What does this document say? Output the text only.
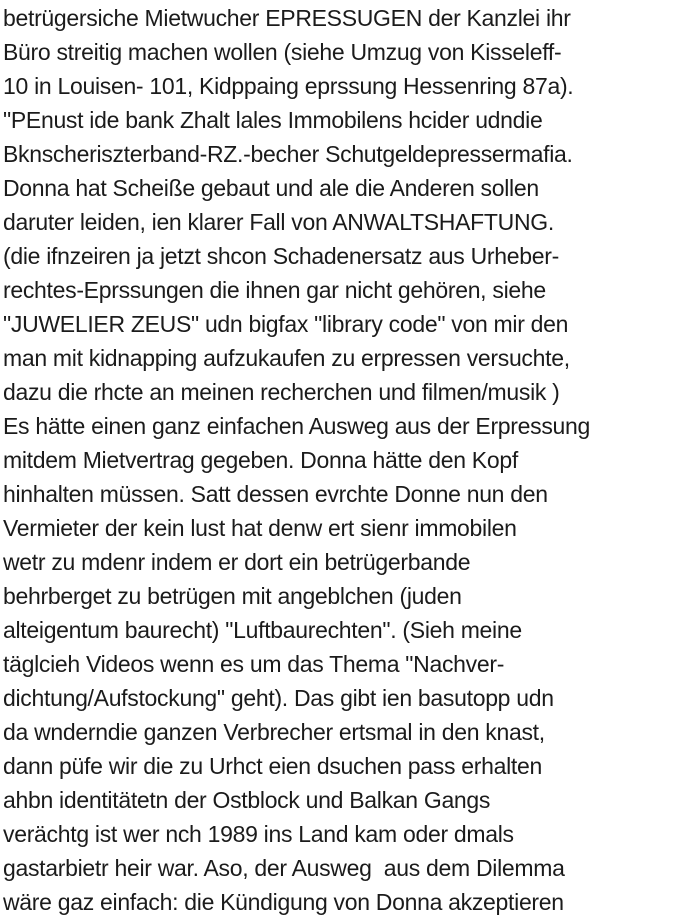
betrügersiche Mietwucher EPRESSUGEN der Kanzlei ihr
Büro streitig machen wollen (siehe Umzug von Kisseleff-
10 in Louisen- 101, Kidppaing eprssung Hessenring 87a).
"PEnust ide bank Zhalt lales Immobilens hcider udndie
Bknscheriszterband-RZ.-becher Schutgeldepressermafia.
Donna hat Scheiße gebaut und ale die Anderen sollen
daruter leiden, ien klarer Fall von ANWALTSHAFTUNG.
(die ifnzeiren ja jetzt shcon Schadenersatz aus Urheber-
rechtes-Eprssungen die ihnen gar nicht gehören, siehe
"JUWELIER ZEUS" udn bigfax "library code" von mir den
man mit kidnapping aufzukaufen zu erpressen versuchte,
dazu die rhcte an meinen recherchen und filmen/musik )
Es hätte einen ganz einfachen Ausweg aus der Erpressung
mitdem Mietvertrag gegeben. Donna hätte den Kopf
hinhalten müssen. Satt dessen evrchte Donne nun den
Vermieter der kein lust hat denw ert sienr immobilen
wetr zu mdenr indem er dort ein betrügerbande
behrberget zu betrügen mit angeblchen (juden
alteigentum baurecht) "Luftbaurechten". (Sieh meine
täglcieh Videos wenn es um das Thema "Nachver-
dichtung/Aufstockung" geht). Das gibt ien basutopp udn
da wnderndie ganzen Verbrecher ertsmal in den knast,
dann püfe wir die zu Urhct eien dsuchen pass erhalten
ahbn identitätetn der Ostblock und Balkan Gangs
verächtg ist wer nch 1989 ins Land kam oder dmals
gastarbietr heir war. Aso, der Ausweg  aus dem Dilemma
wäre gaz einfach: die Kündigung von Donna akzeptieren
